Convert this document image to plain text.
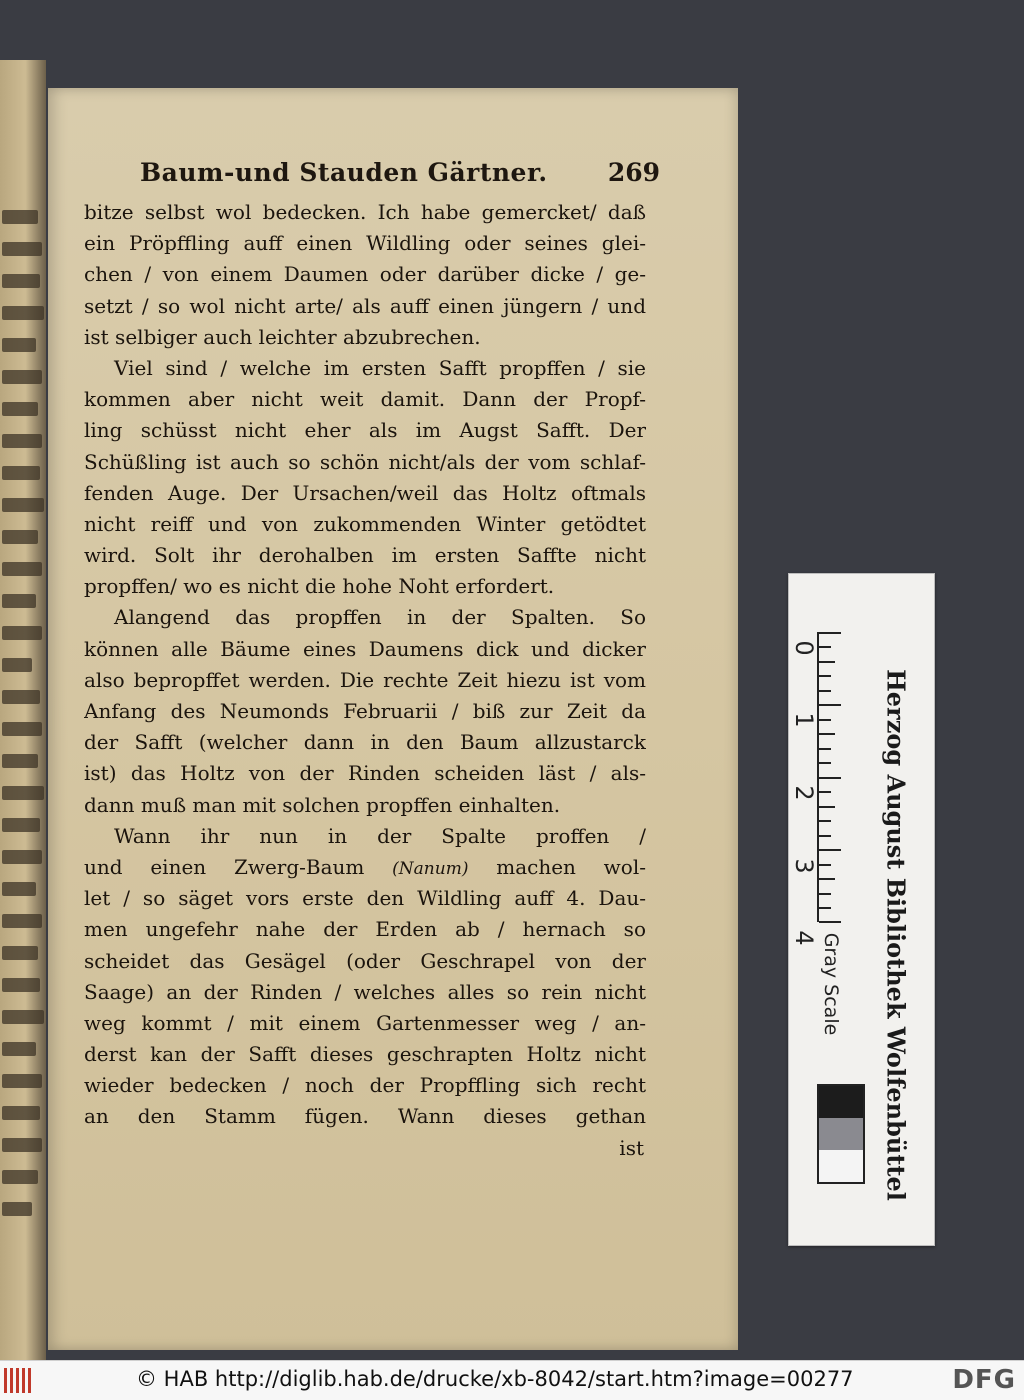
Baum-und Stauden Gärtner. 269
bitze selbst wol bedecken. Ich habe gemercket/ daß
ein Pröpffling auff einen Wildling oder seines glei-
chen / von einem Daumen oder darüber dicke / ge-
setzt / so wol nicht arte/ als auff einen jüngern / und
ist selbiger auch leichter abzubrechen.
Viel sind / welche im ersten Safft propffen / sie
kommen aber nicht weit damit. Dann der Propf-
ling schüsst nicht eher als im Augst Safft. Der
Schüßling ist auch so schön nicht/als der vom schlaf-
fenden Auge. Der Ursachen/weil das Holtz oftmals
nicht reiff und von zukommenden Winter getödtet
wird. Solt ihr derohalben im ersten Saffte nicht
propffen/ wo es nicht die hohe Noht erfordert.
Alangend das propffen in der Spalten. So
können alle Bäume eines Daumens dick und dicker
also bepropffet werden. Die rechte Zeit hiezu ist vom
Anfang des Neumonds Februarii / biß zur Zeit da
der Safft (welcher dann in den Baum allzustarck
ist) das Holtz von der Rinden scheiden läst / als-
dann muß man mit solchen propffen einhalten.
Wann ihr nun in der Spalte proffen /
und einen Zwerg-Baum (Nanum) machen wol-
let / so säget vors erste den Wildling auff 4. Dau-
men ungefehr nahe der Erden ab / hernach so
scheidet das Gesägel (oder Geschrapel von der
Saage) an der Rinden / welches alles so rein nicht
weg kommt / mit einem Gartenmesser weg / an-
derst kan der Safft dieses geschrapten Holtz nicht
wieder bedecken / noch der Propffling sich recht
an den Stamm fügen. Wann dieses gethan
ist
0
1
2
3
4 Gray Scale Herzog August Bibliothek Wolfenbüttel
© HAB http://diglib.hab.de/drucke/xb-8042/start.htm?image=00277	DFG
